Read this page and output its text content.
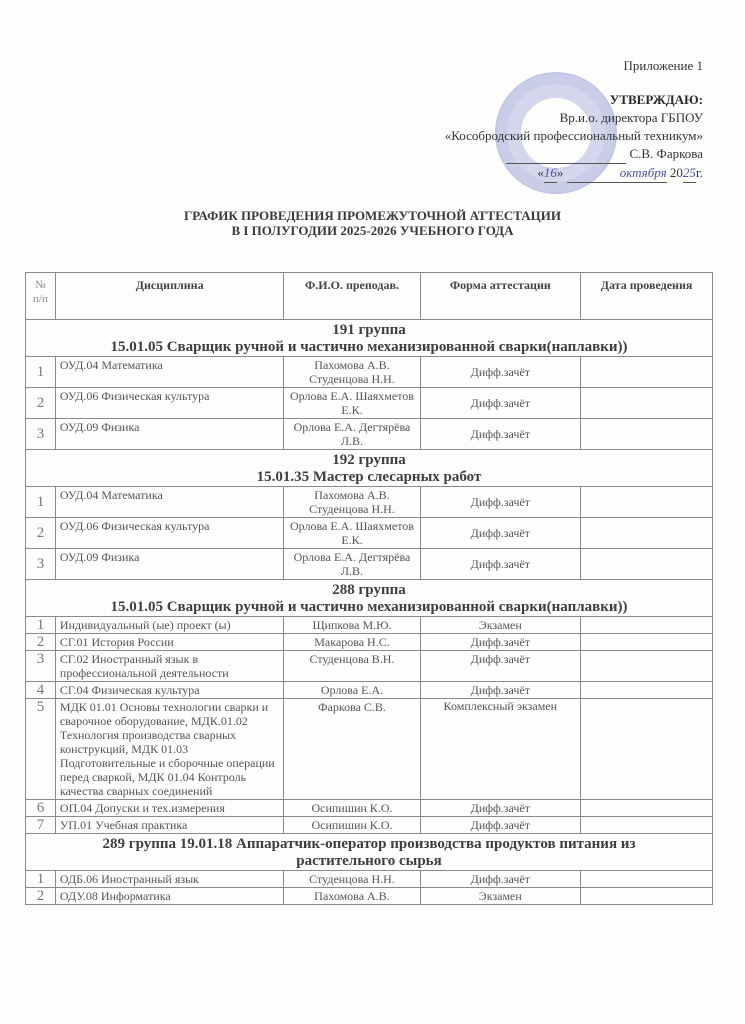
Приложение 1
УТВЕРЖДАЮ:
Вр.и.о. директора ГБПОУ
«Кособродский профессиональный техникум»
С.В. Фаркова
«16»	октября 2025г.
ГРАФИК ПРОВЕДЕНИЯ ПРОМЕЖУТОЧНОЙ АТТЕСТАЦИИ
В I ПОЛУГОДИИ 2025-2026 УЧЕБНОГО ГОДА
№ п/п	Дисциплина	Ф.И.О. преподав.	Форма аттестации	Дата проведения

191 группа
15.01.05 Сварщик ручной и частично механизированной сварки(наплавки))				

1	ОУД.04 Математика	Пахомова А.В. Студенцова Н.Н.	Дифф.зачёт	
2	ОУД.06 Физическая культура	Орлова Е.А. Шаяхметов Е.К.	Дифф.зачёт	
3	ОУД.09 Физика	Орлова Е.А. Дегтярёва Л.В.	Дифф.зачёт	

192 группа
15.01.35 Мастер слесарных работ				

1	ОУД.04 Математика	Пахомова А.В. Студенцова Н.Н.	Дифф.зачёт	
2	ОУД.06 Физическая культура	Орлова Е.А. Шаяхметов Е.К.	Дифф.зачёт	
3	ОУД.09 Физика	Орлова Е.А. Дегтярёва Л.В.	Дифф.зачёт	

288 группа
15.01.05 Сварщик ручной и частично механизированной сварки(наплавки))				

1	Индивидуальный (ые) проект (ы)	Щипкова М.Ю.	Экзамен	
2	СГ.01 История России	Макарова Н.С.	Дифф.зачёт	
3	СГ.02 Иностранный язык в профессиональной деятельности	Студенцова В.Н.	Дифф.зачёт	
4	СГ.04 Физическая культура	Орлова Е.А.	Дифф.зачёт	
5	МДК 01.01 Основы технологии сварки и сварочное оборудование, МДК.01.02 Технология производства сварных конструкций, МДК 01.03 Подготовительные и сборочные операции перед сваркой, МДК 01.04 Контроль качества сварных соединений	Фаркова С.В.	Комплексный экзамен	
6	ОП.04 Допуски и тех.измерения	Осипишин К.О.	Дифф.зачёт	
7	УП.01 Учебная практика	Осипишин К.О.	Дифф.зачёт	

289 группа 19.01.18 Аппаратчик-оператор производства продуктов питания из растительного сырья				

1	ОДБ.06 Иностранный язык	Студенцова Н.Н.	Дифф.зачёт	
2	ОДУ.08 Информатика	Пахомова А.В.	Экзамен	
